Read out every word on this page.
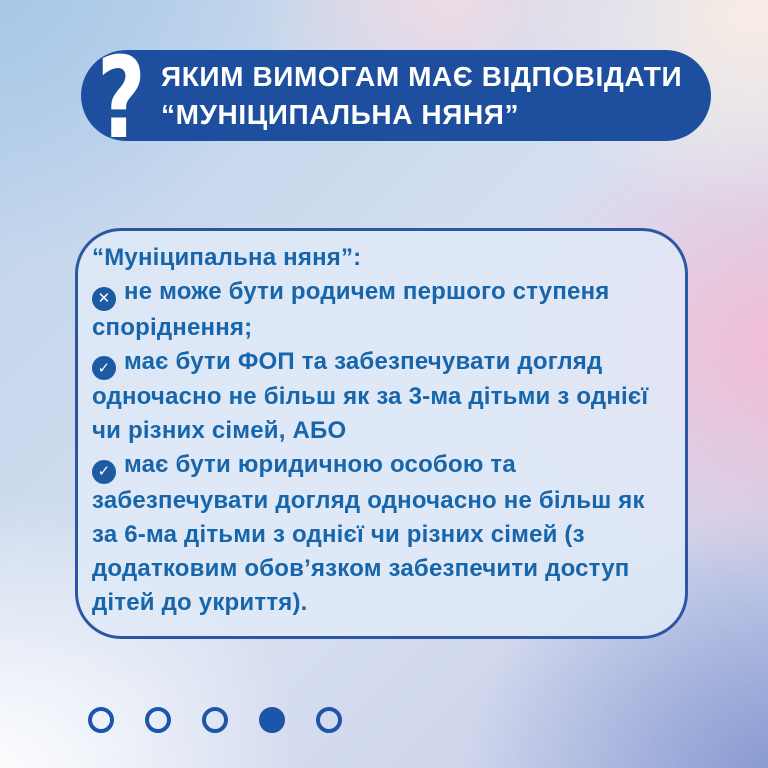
? ЯКИМ ВИМОГАМ МАЄ ВІДПОВІДАТИ
“МУНІЦИПАЛЬНА НЯНЯ”

“Муніципальна няня”:

✕ не може бути родичем першого ступеня споріднення;

✓ має бути ФОП та забезпечувати догляд одночасно не більш як за 3-ма дітьми з однієї чи різних сімей, АБО

✓ має бути юридичною особою та забезпечувати догляд одночасно не більш як за 6-ма дітьми з однієї чи різних сімей (з додатковим обов’язком забезпечити доступ дітей до укриття).
